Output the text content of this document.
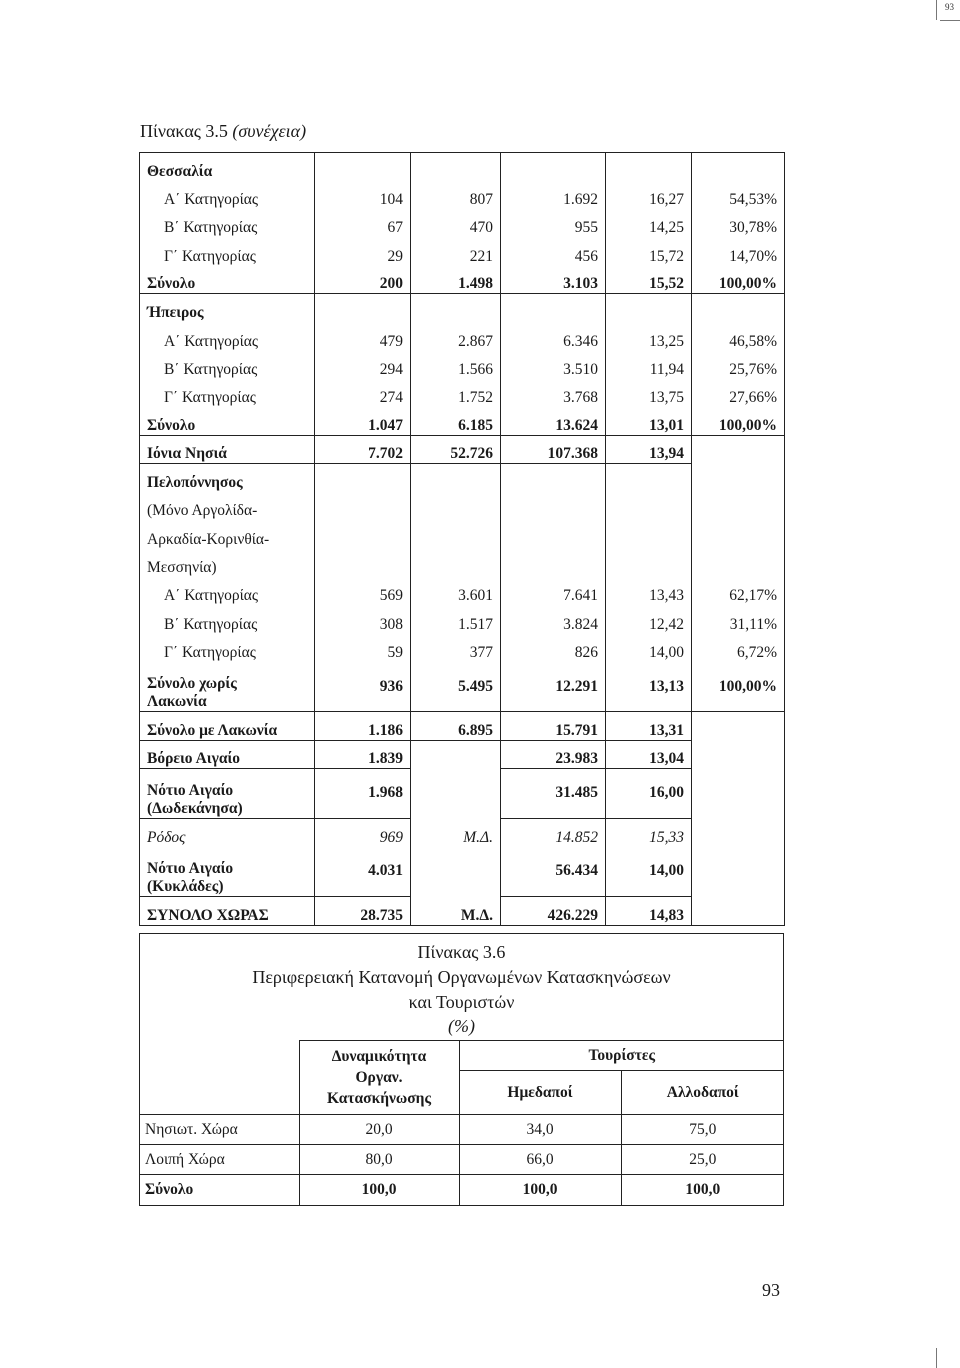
93
Πίνακας 3.5 (συνέχεια)
Θεσσαλία					
Α΄ Κατηγορίας	104	807	1.692	16,27	54,53%
Β΄ Κατηγορίας	67	470	955	14,25	30,78%
Γ΄ Κατηγορίας	29	221	456	15,72	14,70%
Σύνολο	200	1.498	3.103	15,52	100,00%
Ήπειρος					
Α΄ Κατηγορίας	479	2.867	6.346	13,25	46,58%
Β΄ Κατηγορίας	294	1.566	3.510	11,94	25,76%
Γ΄ Κατηγορίας	274	1.752	3.768	13,75	27,66%
Σύνολο	1.047	6.185	13.624	13,01	100,00%
Ιόνια Νησιά	7.702	52.726	107.368	13,94	
Πελοπόννησος					
(Μόνο Αργολίδα-					
Αρκαδία-Κορινθία-					
Μεσσηνία)					
Α΄ Κατηγορίας	569	3.601	7.641	13,43	62,17%
Β΄ Κατηγορίας	308	1.517	3.824	12,42	31,11%
Γ΄ Κατηγορίας	59	377	826	14,00	6,72%
Σύνολο χωρίς
Λακωνία	936	5.495	12.291	13,13	100,00%
Σύνολο με Λακωνία	1.186	6.895	15.791	13,31	
Βόρειο Αιγαίο	1.839		23.983	13,04	
Νότιο Αιγαίο
(Δωδεκάνησα)	1.968		31.485	16,00	
Ρόδος	969	Μ.Δ.	14.852	15,33	
Νότιο Αιγαίο
(Κυκλάδες)	4.031		56.434	14,00	
ΣΥΝΟΛΟ ΧΩΡΑΣ	28.735	Μ.Δ.	426.229	14,83	
Πίνακας 3.6
Περιφερειακή Κατανομή Οργανωμένων Κατασκηνώσεων
και Τουριστών
(%)
	Δυναμικότητα
Οργαν.
Κατασκήνωσης	Τουρίστες	
		Ημεδαποί	Αλλοδαποί
Νησιωτ. Χώρα	20,0	34,0	75,0
Λοιπή Χώρα	80,0	66,0	25,0
Σύνολο	100,0	100,0	100,0
93
